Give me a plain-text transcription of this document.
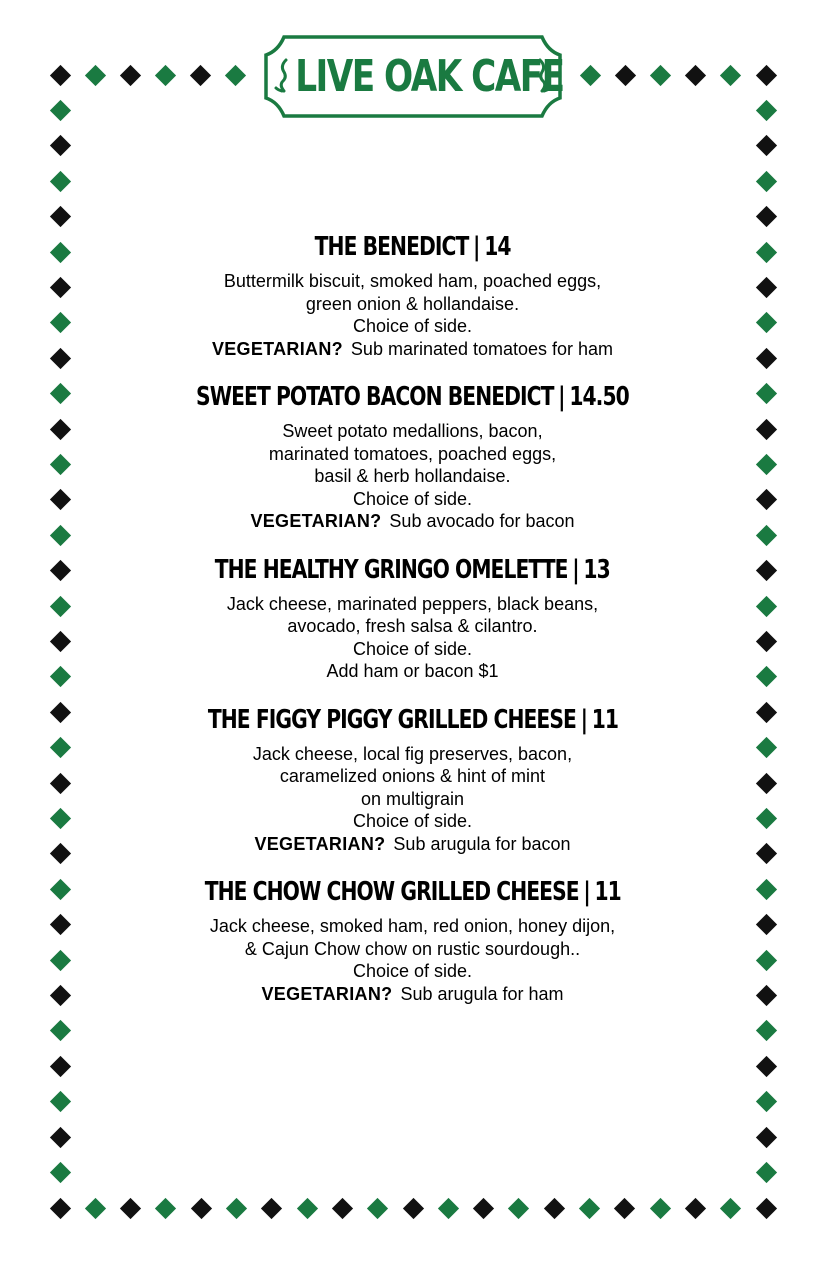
LIVE OAK CAFE
THE BENEDICT | 14
Buttermilk biscuit, smoked ham, poached eggs,
green onion & hollandaise.
Choice of side.
VEGETARIAN? Sub marinated tomatoes for ham
SWEET POTATO BACON BENEDICT | 14.50
Sweet potato medallions, bacon,
marinated tomatoes, poached eggs,
basil & herb hollandaise.
Choice of side.
VEGETARIAN? Sub avocado for bacon
THE HEALTHY GRINGO OMELETTE | 13
Jack cheese, marinated peppers, black beans,
avocado, fresh salsa & cilantro.
Choice of side.
Add ham or bacon $1
THE FIGGY PIGGY GRILLED CHEESE | 11
Jack cheese, local fig preserves, bacon,
caramelized onions & hint of mint
on multigrain
Choice of side.
VEGETARIAN? Sub arugula for bacon
THE CHOW CHOW GRILLED CHEESE | 11
Jack cheese, smoked ham, red onion, honey dijon,
& Cajun Chow chow on rustic sourdough..
Choice of side.
VEGETARIAN? Sub arugula for ham
